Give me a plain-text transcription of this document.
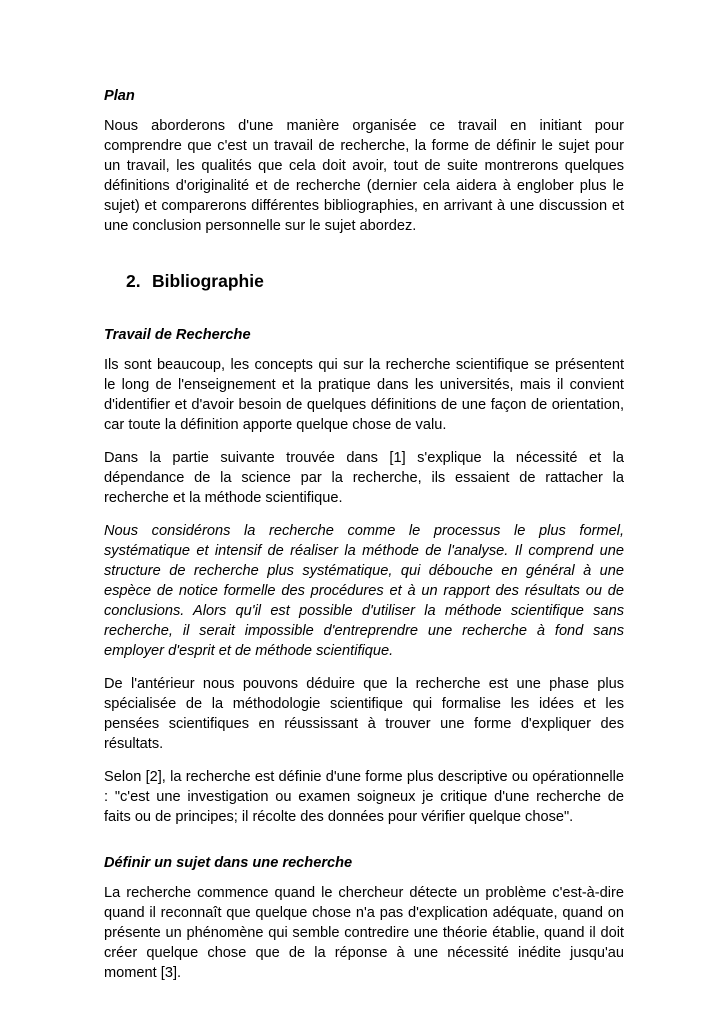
Plan

Nous aborderons d'une manière organisée ce travail en initiant pour comprendre que c'est un travail de recherche, la forme de définir le sujet pour un travail, les qualités que cela doit avoir, tout de suite montrerons quelques définitions d'originalité et de recherche (dernier cela aidera à englober plus le sujet) et comparerons différentes bibliographies, en arrivant à une discussion et une conclusion personnelle sur le sujet abordez.

2. Bibliographie
Travail de Recherche

Ils sont beaucoup, les concepts qui sur la recherche scientifique se présentent le long de l'enseignement et la pratique dans les universités, mais il convient d'identifier et d'avoir besoin de quelques définitions de une façon de orientation, car toute la définition apporte quelque chose de valu.

Dans la partie suivante trouvée dans [1] s'explique la nécessité et la dépendance de la science par la recherche, ils essaient de rattacher la recherche et la méthode scientifique.

Nous considérons la recherche comme le processus le plus formel, systématique et intensif de réaliser la méthode de l'analyse. Il comprend une structure de recherche plus systématique, qui débouche en général à une espèce de notice formelle des procédures et à un rapport des résultats ou de conclusions. Alors qu'il est possible d'utiliser la méthode scientifique sans recherche, il serait impossible d'entreprendre une recherche à fond sans employer d'esprit et de méthode scientifique.

De l'antérieur nous pouvons déduire que la recherche est une phase plus spécialisée de la méthodologie scientifique qui formalise les idées et les pensées scientifiques en réussissant à trouver une forme d'expliquer des résultats.

Selon [2], la recherche est définie d'une forme plus descriptive ou opérationnelle : "c'est une investigation ou examen soigneux je critique d'une recherche de faits ou de principes; il récolte des données pour vérifier quelque chose".

Définir un sujet dans une recherche

La recherche commence quand le chercheur détecte un problème c'est-à-dire quand il reconnaît que quelque chose n'a pas d'explication adéquate, quand on présente un phénomène qui semble contredire une théorie établie, quand il doit créer quelque chose que de la réponse à une nécessité inédite jusqu'au moment [3].
